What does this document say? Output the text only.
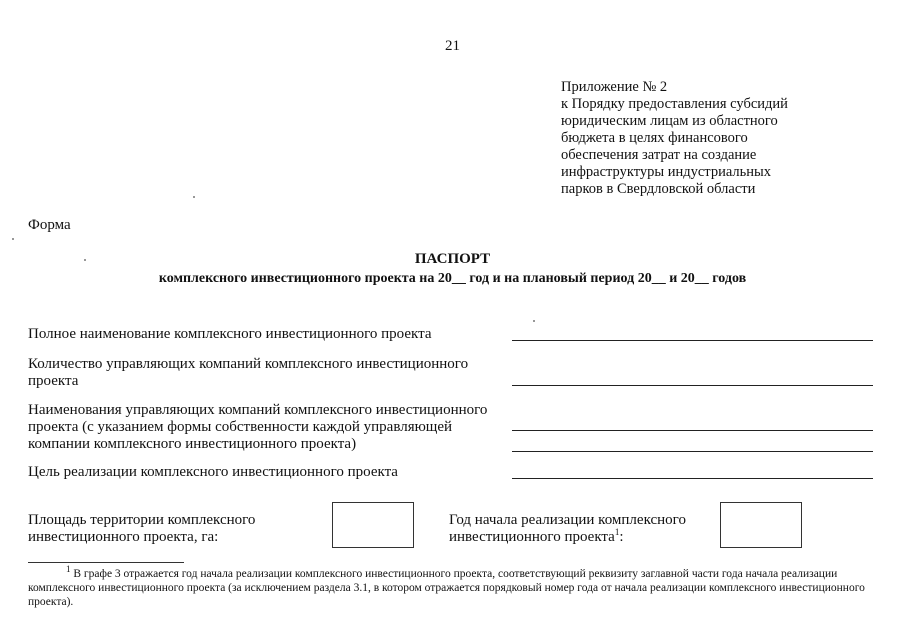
21
Приложение № 2
к Порядку предоставления субсидий
юридическим лицам из областного
бюджета в целях финансового
обеспечения затрат на создание
инфраструктуры индустриальных
парков в Свердловской области
Форма
ПАСПОРТ
комплексного инвестиционного проекта на 20__ год и на плановый период 20__ и 20__ годов
Полное наименование комплексного инвестиционного проекта
Количество управляющих компаний комплексного инвестиционного
проекта
Наименования управляющих компаний комплексного инвестиционного
проекта (с указанием формы собственности каждой управляющей
компании комплексного инвестиционного проекта)
Цель реализации комплексного инвестиционного проекта
Площадь территории комплексного
инвестиционного проекта, га:
Год начала реализации комплексного
инвестиционного проекта$^1$:
$^1$ В графе 3 отражается год начала реализации комплексного инвестиционного проекта, соответствующий реквизиту заглавной части года начала реализации комплексного инвестиционного проекта (за исключением раздела 3.1, в котором отражается порядковый номер года от начала реализации комплексного инвестиционного проекта).
